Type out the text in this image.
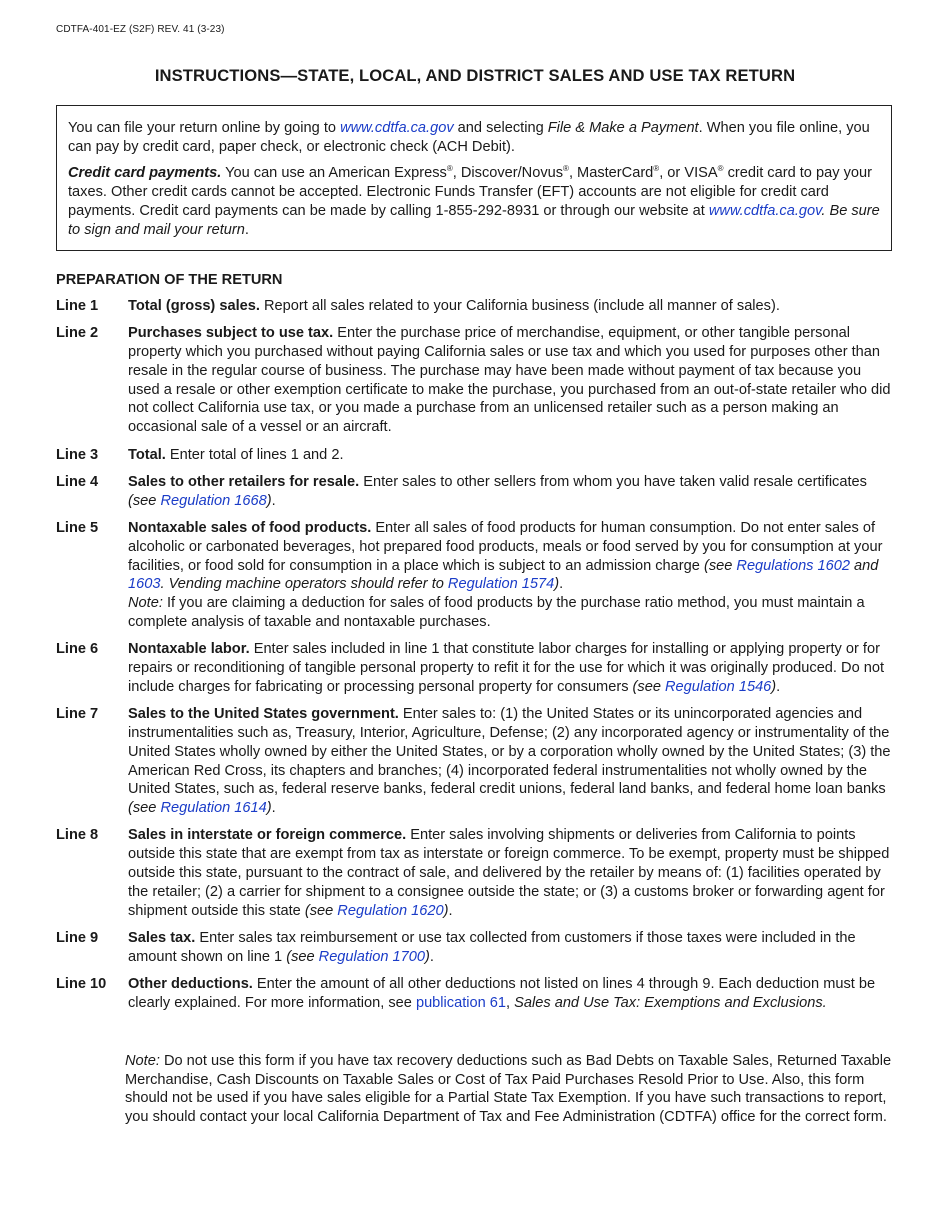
CDTFA-401-EZ (S2F) REV. 41 (3-23)
INSTRUCTIONS—STATE, LOCAL, AND DISTRICT SALES AND USE TAX RETURN

You can file your return online by going to www.cdtfa.ca.gov and selecting File & Make a Payment. When you file online, you can pay by credit card, paper check, or electronic check (ACH Debit).

Credit card payments. You can use an American Express®, Discover/Novus®, MasterCard®, or VISA® credit card to pay your taxes. Other credit cards cannot be accepted. Electronic Funds Transfer (EFT) accounts are not eligible for credit card payments. Credit card payments can be made by calling 1-855-292-8931 or through our website at www.cdtfa.ca.gov. Be sure to sign and mail your return.

PREPARATION OF THE RETURN
Line 1	Total (gross) sales. Report all sales related to your California business (include all manner of sales).
Line 2	Purchases subject to use tax. Enter the purchase price of merchandise, equipment, or other tangible personal property which you purchased without paying California sales or use tax and which you used for purposes other than resale in the regular course of business. The purchase may have been made without payment of tax because you used a resale or other exemption certificate to make the purchase, you purchased from an out-of-state retailer who did not collect California use tax, or you made a purchase from an unlicensed retailer such as a person making an occasional sale of a vessel or an aircraft.
Line 3	Total. Enter total of lines 1 and 2.
Line 4	Sales to other retailers for resale. Enter sales to other sellers from whom you have taken valid resale certificates (see Regulation 1668).
Line 5	Nontaxable sales of food products. Enter all sales of food products for human consumption. Do not enter sales of alcoholic or carbonated beverages, hot prepared food products, meals or food served by you for consumption at your facilities, or food sold for consumption in a place which is subject to an admission charge (see Regulations 1602 and 1603. Vending machine operators should refer to Regulation 1574).
Note: If you are claiming a deduction for sales of food products by the purchase ratio method, you must maintain a complete analysis of taxable and nontaxable purchases.
Line 6	Nontaxable labor. Enter sales included in line 1 that constitute labor charges for installing or applying property or for repairs or reconditioning of tangible personal property to refit it for the use for which it was originally produced. Do not include charges for fabricating or processing personal property for consumers (see Regulation 1546).
Line 7	Sales to the United States government. Enter sales to: (1) the United States or its unincorporated agencies and instrumentalities such as, Treasury, Interior, Agriculture, Defense; (2) any incorporated agency or instrumentality of the United States wholly owned by either the United States, or by a corporation wholly owned by the United States; (3) the American Red Cross, its chapters and branches; (4) incorporated federal instrumentalities not wholly owned by the United States, such as, federal reserve banks, federal credit unions, federal land banks, and federal home loan banks (see Regulation 1614).
Line 8	Sales in interstate or foreign commerce. Enter sales involving shipments or deliveries from California to points outside this state that are exempt from tax as interstate or foreign commerce. To be exempt, property must be shipped outside this state, pursuant to the contract of sale, and delivered by the retailer by means of: (1) facilities operated by the retailer; (2) a carrier for shipment to a consignee outside the state; or (3) a customs broker or forwarding agent for shipment outside this state (see Regulation 1620).
Line 9	Sales tax. Enter sales tax reimbursement or use tax collected from customers if those taxes were included in the amount shown on line 1 (see Regulation 1700).
Line 10	Other deductions. Enter the amount of all other deductions not listed on lines 4 through 9. Each deduction must be clearly explained. For more information, see publication 61, Sales and Use Tax: Exemptions and Exclusions.
Note: Do not use this form if you have tax recovery deductions such as Bad Debts on Taxable Sales, Returned Taxable Merchandise, Cash Discounts on Taxable Sales or Cost of Tax Paid Purchases Resold Prior to Use. Also, this form should not be used if you have sales eligible for a Partial State Tax Exemption. If you have such transactions to report, you should contact your local California Department of Tax and Fee Administration (CDTFA) office for the correct form.
